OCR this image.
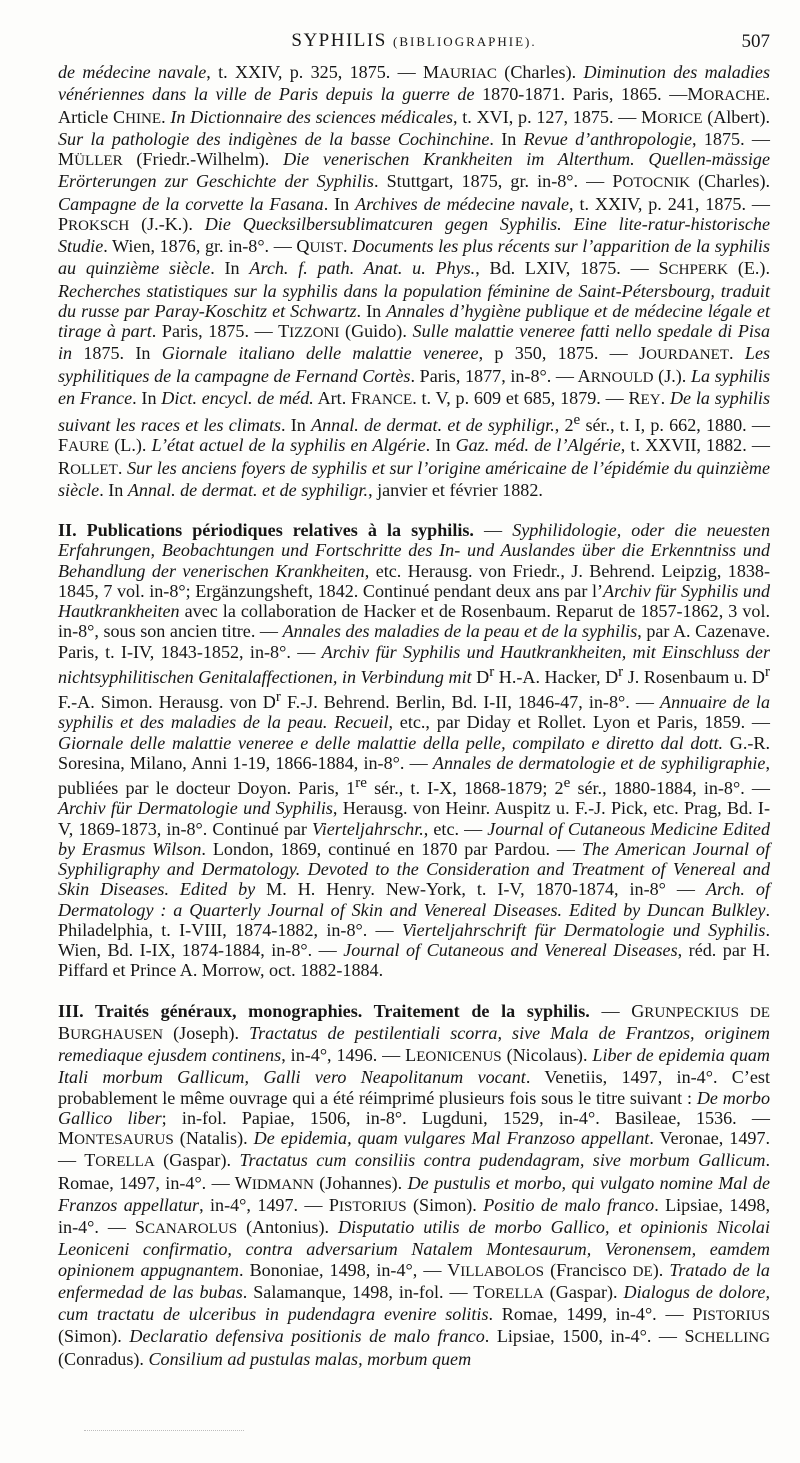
SYPHILIS (BIBLIOGRAPHIE).	507

de médecine navale, t. XXIV, p. 325, 1875. — MAURIAC (Charles). Diminution des maladies vénériennes dans la ville de Paris depuis la guerre de 1870-1871. Paris, 1865. —MORACHE. Article CHINE. In Dictionnaire des sciences médicales, t. XVI, p. 127, 1875. — MORICE (Albert). Sur la pathologie des indigènes de la basse Cochinchine. In Revue d’anthropologie, 1875. — MÜLLER (Friedr.-Wilhelm). Die venerischen Krankheiten im Alterthum. Quellen-mässige Erörterungen zur Geschichte der Syphilis. Stuttgart, 1875, gr. in-8°. — POTOCNIK (Charles). Campagne de la corvette la Fasana. In Archives de médecine navale, t. XXIV, p. 241, 1875. — PROKSCH (J.-K.). Die Quecksilbersublimatcuren gegen Syphilis. Eine lite-ratur-historische Studie. Wien, 1876, gr. in-8°. — QUIST. Documents les plus récents sur l’apparition de la syphilis au quinzième siècle. In Arch. f. path. Anat. u. Phys., Bd. LXIV, 1875. — SCHPERK (E.). Recherches statistiques sur la syphilis dans la population féminine de Saint-Pétersbourg, traduit du russe par Paray-Koschitz et Schwartz. In Annales d’hygiène publique et de médecine légale et tirage à part. Paris, 1875. — TIZZONI (Guido). Sulle malattie veneree fatti nello spedale di Pisa in 1875. In Giornale italiano delle malattie veneree, p 350, 1875. — JOURDANET. Les syphilitiques de la campagne de Fernand Cortès. Paris, 1877, in-8°. — ARNOULD (J.). La syphilis en France. In Dict. encycl. de méd. Art. FRANCE. t. V, p. 609 et 685, 1879. — REY. De la syphilis suivant les races et les climats. In Annal. de dermat. et de syphiligr., 2e sér., t. I, p. 662, 1880. — FAURE (L.). L’état actuel de la syphilis en Algérie. In Gaz. méd. de l’Algérie, t. XXVII, 1882. — ROLLET. Sur les anciens foyers de syphilis et sur l’origine américaine de l’épidémie du quinzième siècle. In Annal. de dermat. et de syphiligr., janvier et février 1882.

II. Publications périodiques relatives à la syphilis. — Syphilidologie, oder die neuesten Erfahrungen, Beobachtungen und Fortschritte des In- und Auslandes über die Erkenntniss und Behandlung der venerischen Krankheiten, etc. Herausg. von Friedr., J. Behrend. Leipzig, 1838-1845, 7 vol. in-8°; Ergänzungsheft, 1842. Continué pendant deux ans par l’Archiv für Syphilis und Hautkrankheiten avec la collaboration de Hacker et de Rosenbaum. Reparut de 1857-1862, 3 vol. in-8°, sous son ancien titre. — Annales des maladies de la peau et de la syphilis, par A. Cazenave. Paris, t. I-IV, 1843-1852, in-8°. — Archiv für Syphilis und Hautkrankheiten, mit Einschluss der nichtsyphilitischen Genitalaffectionen, in Verbindung mit $D^r$ H.-A. Hacker, $D^r$ J. Rosenbaum u. $D^r$ F.-A. Simon. Herausg. von $D^r$ F.-J. Behrend. Berlin, Bd. I-II, 1846-47, in-8°. — Annuaire de la syphilis et des maladies de la peau. Recueil, etc., par Diday et Rollet. Lyon et Paris, 1859. — Giornale delle malattie veneree e delle malattie della pelle, compilato e diretto dal dott. G.-R. Soresina, Milano, Anni 1-19, 1866-1884, in-8°. — Annales de dermatologie et de syphiligraphie, publiées par le docteur Doyon. Paris, 1re sér., t. I-X, 1868-1879; 2e sér., 1880-1884, in-8°. — Archiv für Dermatologie und Syphilis, Herausg. von Heinr. Auspitz u. F.-J. Pick, etc. Prag, Bd. I-V, 1869-1873, in-8°. Continué par Vierteljahrschr., etc. — Journal of Cutaneous Medicine Edited by Erasmus Wilson. London, 1869, continué en 1870 par Pardou. — The American Journal of Syphiligraphy and Dermatology. Devoted to the Consideration and Treatment of Venereal and Skin Diseases. Edited by M. H. Henry. New-York, t. I-V, 1870-1874, in-8° — Arch. of Dermatology : a Quarterly Journal of Skin and Venereal Diseases. Edited by Duncan Bulkley. Philadelphia, t. I-VIII, 1874-1882, in-8°. — Vierteljahrschrift für Dermatologie und Syphilis. Wien, Bd. I-IX, 1874-1884, in-8°. — Journal of Cutaneous and Venereal Diseases, réd. par H. Piffard et Prince A. Morrow, oct. 1882-1884.

III. Traités généraux, monographies. Traitement de la syphilis. — GRUNPECKIUS DE BURGHAUSEN (Joseph). Tractatus de pestilentiali scorra, sive Mala de Frantzos, originem remediaque ejusdem continens, in-4°, 1496. — LEONICENUS (Nicolaus). Liber de epidemia quam Itali morbum Gallicum, Galli vero Neapolitanum vocant. Venetiis, 1497, in-4°. C’est probablement le même ouvrage qui a été réimprimé plusieurs fois sous le titre suivant : De morbo Gallico liber; in-fol. Papiae, 1506, in-8°. Lugduni, 1529, in-4°. Basileae, 1536. — MONTESAURUS (Natalis). De epidemia, quam vulgares Mal Franzoso appellant. Veronae, 1497. — TORELLA (Gaspar). Tractatus cum consiliis contra pudendagram, sive morbum Gallicum. Romae, 1497, in-4°. — WIDMANN (Johannes). De pustulis et morbo, qui vulgato nomine Mal de Franzos appellatur, in-4°, 1497. — PISTORIUS (Simon). Positio de malo franco. Lipsiae, 1498, in-4°. — SCANAROLUS (Antonius). Disputatio utilis de morbo Gallico, et opinionis Nicolai Leoniceni confirmatio, contra adversarium Natalem Montesaurum, Veronensem, eamdem opinionem appugnantem. Bononiae, 1498, in-4°, — VILLABOLOS (Francisco DE). Tratado de la enfermedad de las bubas. Salamanque, 1498, in-fol. — TORELLA (Gaspar). Dialogus de dolore, cum tractatu de ulceribus in pudendagra evenire solitis. Romae, 1499, in-4°. — PISTORIUS (Simon). Declaratio defensiva positionis de malo franco. Lipsiae, 1500, in-4°. — SCHELLING (Conradus). Consilium ad pustulas malas, morbum quem
